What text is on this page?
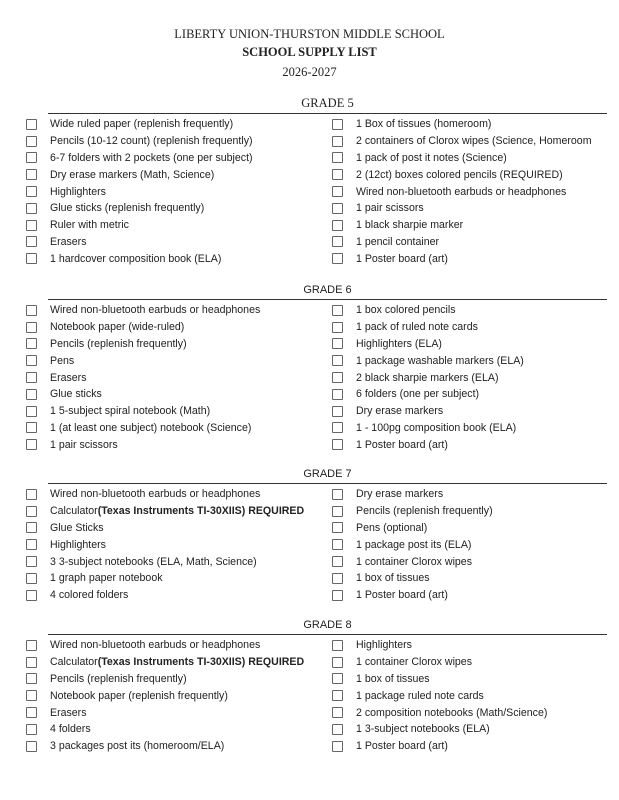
LIBERTY UNION-THURSTON MIDDLE SCHOOL
SCHOOL SUPPLY LIST
2026-2027
GRADE 5
Wide ruled paper (replenish frequently)
Pencils (10-12 count) (replenish frequently)
6-7 folders with 2 pockets (one per subject)
Dry erase markers (Math, Science)
Highlighters
Glue sticks (replenish frequently)
Ruler with metric
Erasers
1 hardcover composition book (ELA)
1 Box of tissues (homeroom)
2 containers of Clorox wipes (Science, Homeroom
1 pack of post it notes (Science)
2 (12ct) boxes colored pencils (REQUIRED)
Wired non-bluetooth earbuds or headphones
1 pair scissors
1 black sharpie marker
1 pencil container
1 Poster board (art)
GRADE 6
Wired non-bluetooth earbuds or headphones
Notebook paper (wide-ruled)
Pencils (replenish frequently)
Pens
Erasers
Glue sticks
1 5-subject spiral notebook (Math)
1 (at least one subject) notebook (Science)
1 pair scissors
1 box colored pencils
1 pack of ruled note cards
Highlighters (ELA)
1 package washable markers (ELA)
2 black sharpie markers (ELA)
6 folders (one per subject)
Dry erase markers
1 - 100pg composition book (ELA)
1 Poster board (art)
GRADE 7
Wired non-bluetooth earbuds or headphones
Calculator (Texas Instruments TI-30XIIS) REQUIRED
Glue Sticks
Highlighters
3 3-subject notebooks (ELA, Math, Science)
1 graph paper notebook
4 colored folders
Dry erase markers
Pencils (replenish frequently)
Pens (optional)
1 package post its (ELA)
1 container Clorox wipes
1 box of tissues
1 Poster board (art)
GRADE 8
Wired non-bluetooth earbuds or headphones
Calculator (Texas Instruments TI-30XIIS) REQUIRED
Pencils (replenish frequently)
Notebook paper (replenish frequently)
Erasers
4 folders
3 packages post its (homeroom/ELA)
Highlighters
1 container Clorox wipes
1 box of tissues
1 package ruled note cards
2 composition notebooks (Math/Science)
1 3-subject notebooks (ELA)
1 Poster board (art)
